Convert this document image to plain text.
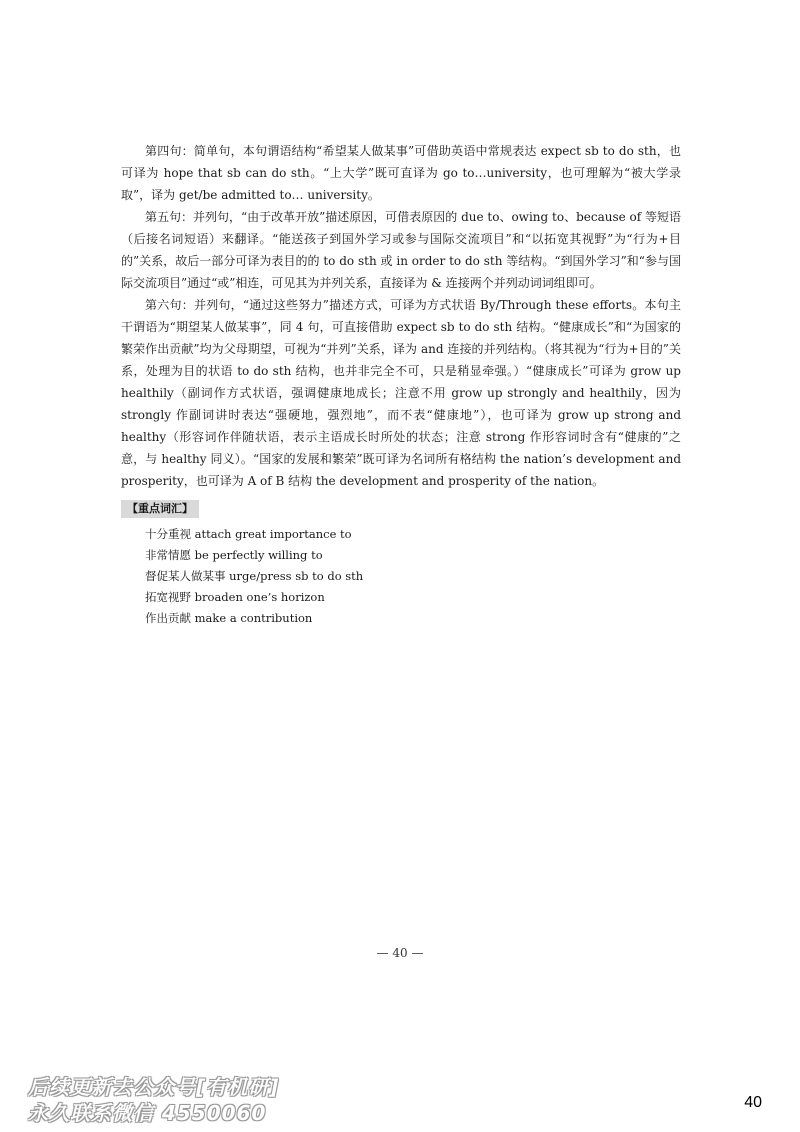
第四句：简单句，本句谓语结构“希望某人做某事”可借助英语中常规表达 expect sb to do sth，也可译为 hope that sb can do sth。“上大学”既可直译为 go to…university，也可理解为“被大学录取”，译为 get/be admitted to… university。

第五句：并列句，“由于改革开放”描述原因，可借表原因的 due to、owing to、because of 等短语（后接名词短语）来翻译。“能送孩子到国外学习或参与国际交流项目”和“以拓宽其视野”为“行为+目的”关系，故后一部分可译为表目的的 to do sth 或 in order to do sth 等结构。“到国外学习”和“参与国际交流项目”通过“或”相连，可见其为并列关系，直接译为 & 连接两个并列动词词组即可。

第六句：并列句，“通过这些努力”描述方式，可译为方式状语 By/Through these efforts。本句主干谓语为“期望某人做某事”，同 4 句，可直接借助 expect sb to do sth 结构。“健康成长”和“为国家的繁荣作出贡献”均为父母期望，可视为“并列”关系，译为 and 连接的并列结构。（将其视为“行为+目的”关系，处理为目的状语 to do sth 结构，也并非完全不可，只是稍显牵强。）“健康成长”可译为 grow up healthily（副词作方式状语，强调健康地成长；注意不用 grow up strongly and healthily，因为 strongly 作副词讲时表达“强硬地，强烈地”，而不表“健康地”），也可译为 grow up strong and healthy（形容词作伴随状语，表示主语成长时所处的状态；注意 strong 作形容词时含有“健康的”之意，与 healthy 同义）。“国家的发展和繁荣”既可译为名词所有格结构 the nation’s development and prosperity，也可译为 A of B 结构 the development and prosperity of the nation。

【重点词汇】
十分重视 attach great importance to
非常情愿 be perfectly willing to
督促某人做某事 urge/press sb to do sth
拓宽视野 broaden one’s horizon
作出贡献 make a contribution
— 40 —
后续更新去公众号[有机研]
永久联系微信 4550060	40
